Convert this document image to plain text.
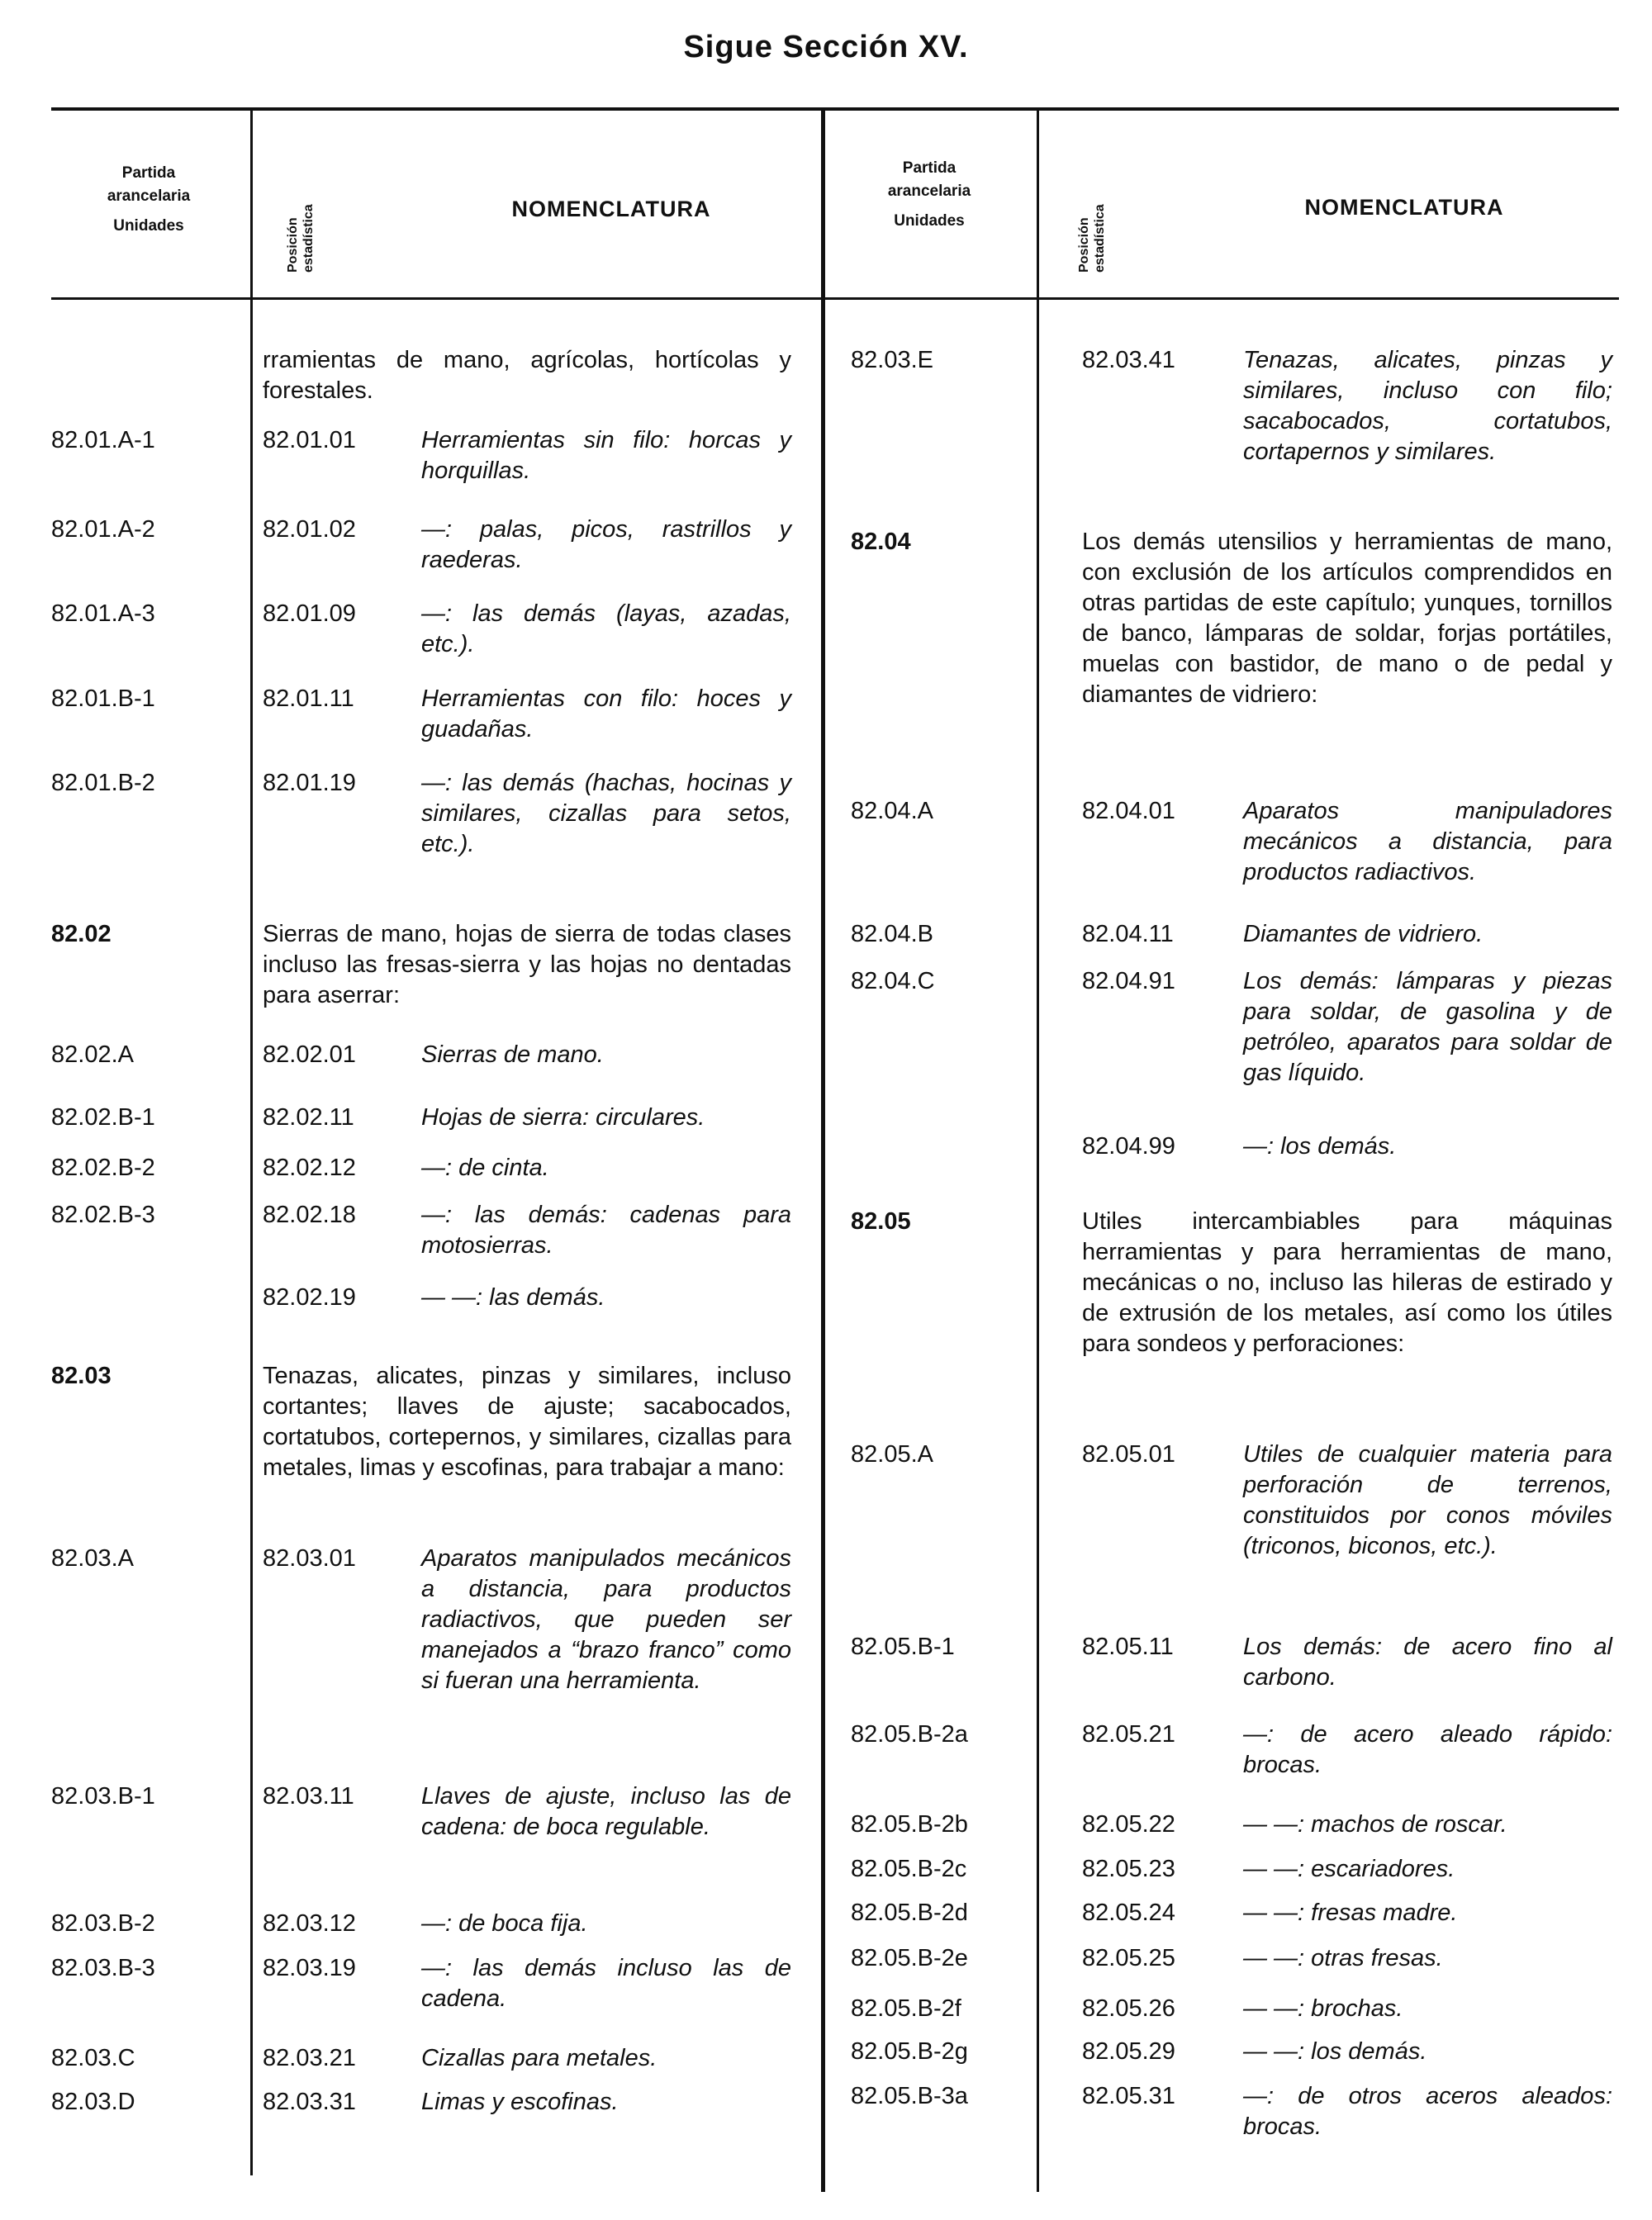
Sigue Sección XV.
Partida
arancelaria
Unidades	Posición estadística	NOMENCLATURA
Partida
arancelaria
Unidades	Posición estadística	NOMENCLATURA
rramientas de mano, agrícolas, hortícolas y forestales.
82.01.A-1	82.01.01	Herramientas sin filo: horcas y horquillas.
82.01.A-2	82.01.02	—: palas, picos, rastrillos y raederas.
82.01.A-3	82.01.09	—: las demás (layas, azadas, etc.).
82.01.B-1	82.01.11	Herramientas con filo: hoces y guadañas.
82.01.B-2	82.01.19	—: las demás (hachas, hocinas y similares, cizallas para setos, etc.).
82.02	Sierras de mano, hojas de sierra de todas clases incluso las fresas-sierra y las hojas no dentadas para aserrar:
82.02.A	82.02.01	Sierras de mano.
82.02.B-1	82.02.11	Hojas de sierra: circulares.
82.02.B-2	82.02.12	—: de cinta.
82.02.B-3	82.02.18	—: las demás: cadenas para motosierras.
82.02.19	— —: las demás.
82.03	Tenazas, alicates, pinzas y similares, incluso cortantes; llaves de ajuste; sacabocados, cortatubos, cortepernos, y similares, cizallas para metales, limas y escofinas, para trabajar a mano:
82.03.A	82.03.01	Aparatos manipulados mecánicos a distancia, para productos radiactivos, que pueden ser manejados a “brazo franco” como si fueran una herramienta.
82.03.B-1	82.03.11	Llaves de ajuste, incluso las de cadena: de boca regulable.
82.03.B-2	82.03.12	—: de boca fija.
82.03.B-3	82.03.19	—: las demás incluso las de cadena.
82.03.C	82.03.21	Cizallas para metales.
82.03.D	82.03.31	Limas y escofinas.
82.03.E	82.03.41	Tenazas, alicates, pinzas y similares, incluso con filo; sacabocados, cortatubos, cortapernos y similares.
82.04	Los demás utensilios y herramientas de mano, con exclusión de los artículos comprendidos en otras partidas de este capítulo; yunques, tornillos de banco, lámparas de soldar, forjas portátiles, muelas con bastidor, de mano o de pedal y diamantes de vidriero:
82.04.A	82.04.01	Aparatos manipuladores mecánicos a distancia, para productos radiactivos.
82.04.B	82.04.11	Diamantes de vidriero.
82.04.C	82.04.91	Los demás: lámparas y piezas para soldar, de gasolina y de petróleo, aparatos para soldar de gas líquido.
82.04.99	—: los demás.
82.05	Utiles intercambiables para máquinas herramientas y para herramientas de mano, mecánicas o no, incluso las hileras de estirado y de extrusión de los metales, así como los útiles para sondeos y perforaciones:
82.05.A	82.05.01	Utiles de cualquier materia para perforación de terrenos, constituidos por conos móviles (triconos, biconos, etc.).
82.05.B-1	82.05.11	Los demás: de acero fino al carbono.
82.05.B-2a	82.05.21	—: de acero aleado rápido: brocas.
82.05.B-2b	82.05.22	— —: machos de roscar.
82.05.B-2c	82.05.23	— —: escariadores.
82.05.B-2d	82.05.24	— —: fresas madre.
82.05.B-2e	82.05.25	— —: otras fresas.
82.05.B-2f	82.05.26	— —: brochas.
82.05.B-2g	82.05.29	— —: los demás.
82.05.B-3a	82.05.31	—: de otros aceros aleados: brocas.
